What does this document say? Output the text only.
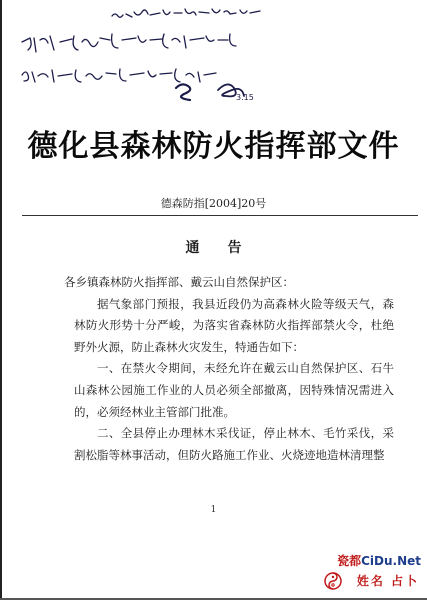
3.15
德化县森林防火指挥部文件

德森防指[2004]20号

通告

各乡镇森林防火指挥部、戴云山自然保护区：

据气象部门预报，我县近段仍为高森林火险等级天气，森林防火形势十分严峻，为落实省森林防火指挥部禁火令，杜绝野外火源，防止森林火灾发生，特通告如下：

一、在禁火令期间，未经允许在戴云山自然保护区、石牛山森林公园施工作业的人员必须全部撤离，因特殊情况需进入的，必须经林业主管部门批准。

二、全县停止办理林木采伐证，停止林木、毛竹采伐，采割松脂等林事活动，但防火路施工作业、火烧迹地造林清理整

1

瓷都CiDu.Net

姓名 占卜
